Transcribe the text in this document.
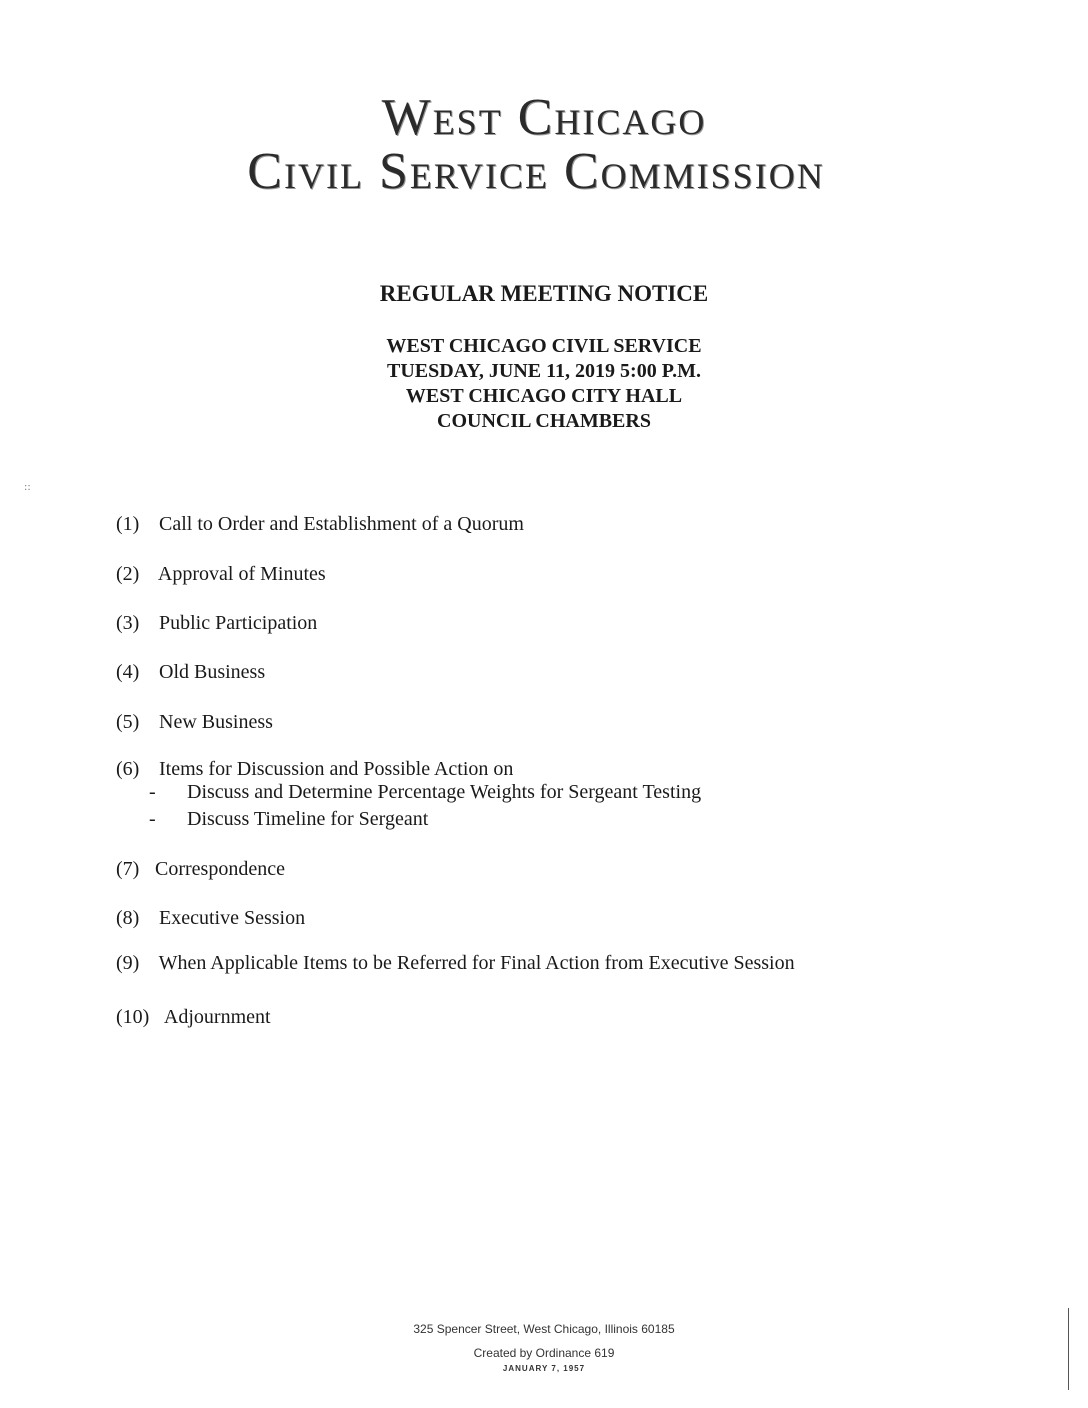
West Chicago
Civil Service Commission
REGULAR MEETING NOTICE
WEST CHICAGO CIVIL SERVICE
TUESDAY, JUNE 11, 2019 5:00 P.M.
WEST CHICAGO CITY HALL
COUNCIL CHAMBERS
::
(1) Call to Order and Establishment of a Quorum
(2) Approval of Minutes
(3) Public Participation
(4) Old Business
(5) New Business
(6) Items for Discussion and Possible Action on
- Discuss and Determine Percentage Weights for Sergeant Testing
- Discuss Timeline for Sergeant
(7) Correspondence
(8) Executive Session
(9) When Applicable Items to be Referred for Final Action from Executive Session
(10) Adjournment
325 Spencer Street, West Chicago, Illinois 60185
Created by Ordinance 619
JANUARY 7, 1957
